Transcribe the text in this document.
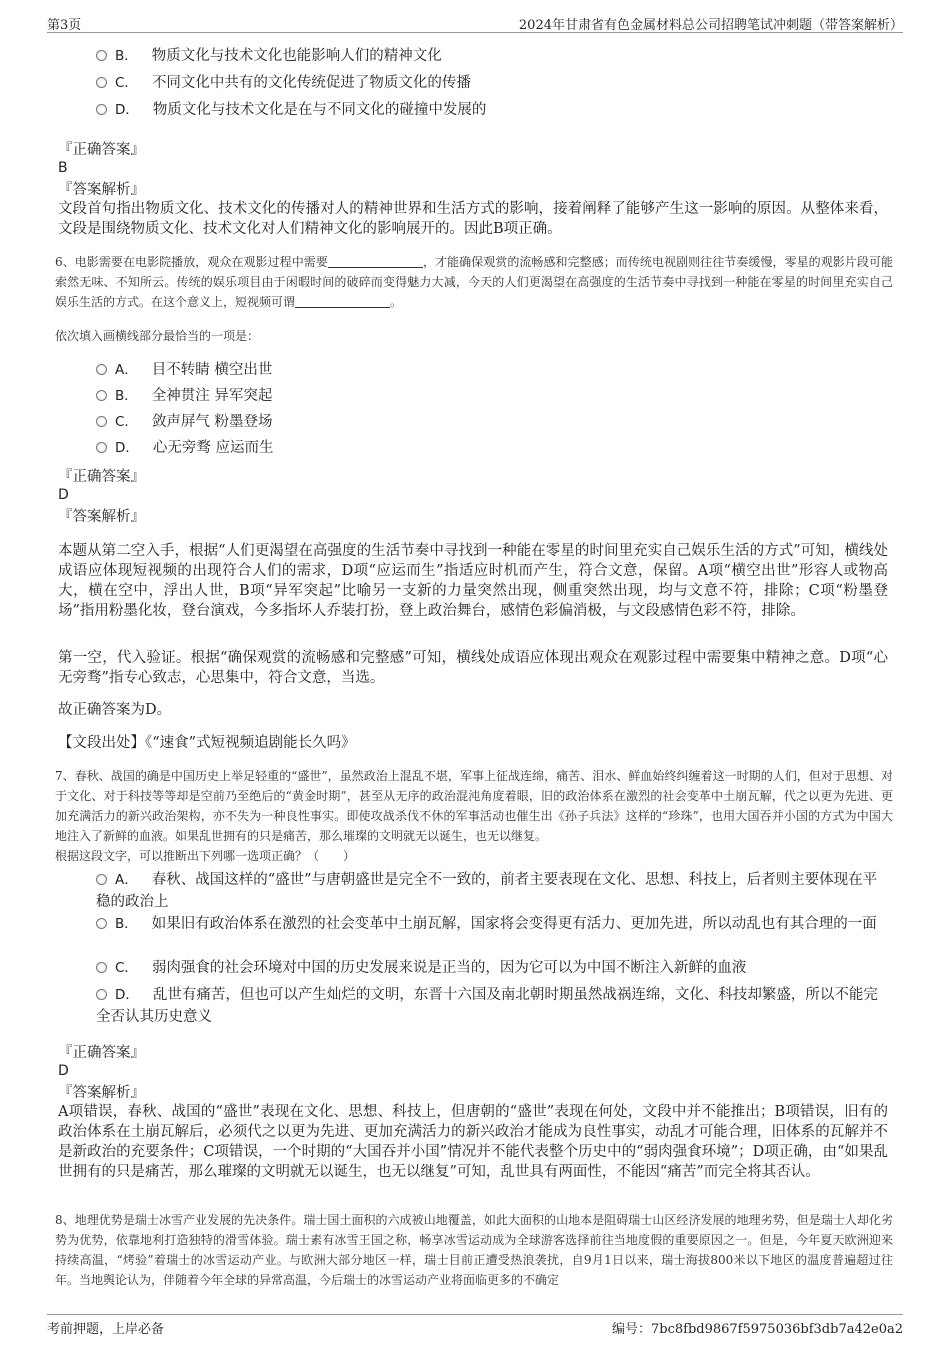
第3页	2024年甘肃省有色金属材料总公司招聘笔试冲刺题（带答案解析）
B． 物质文化与技术文化也能影响人们的精神文化
C． 不同文化中共有的文化传统促进了物质文化的传播
D． 物质文化与技术文化是在与不同文化的碰撞中发展的
『正确答案』
B
『答案解析』
文段首句指出物质文化、技术文化的传播对人的精神世界和生活方式的影响，接着阐释了能够产生这一影响的原因。从整体来看，文段是围绕物质文化、技术文化对人们精神文化的影响展开的。因此B项正确。
6、电影需要在电影院播放，观众在观影过程中需要	，才能确保观赏的流畅感和完整感；而传统电视剧则往往节奏缓慢，零星的观影片段可能索然无味、不知所云。传统的娱乐项目由于闲暇时间的破碎而变得魅力大减，今天的人们更渴望在高强度的生活节奏中寻找到一种能在零星的时间里充实自己娱乐生活的方式。在这个意义上，短视频可谓	。
依次填入画横线部分最恰当的一项是：
A． 目不转睛 横空出世
B． 全神贯注 异军突起
C． 敛声屏气 粉墨登场
D． 心无旁骛 应运而生
『正确答案』
D
『答案解析』
本题从第二空入手，根据“人们更渴望在高强度的生活节奏中寻找到一种能在零星的时间里充实自己娱乐生活的方式”可知，横线处成语应体现短视频的出现符合人们的需求，D项“应运而生”指适应时机而产生，符合文意，保留。A项“横空出世”形容人或物高大，横在空中，浮出人世，B项“异军突起”比喻另一支新的力量突然出现，侧重突然出现，均与文意不符，排除；C项“粉墨登场”指用粉墨化妆，登台演戏，今多指坏人乔装打扮，登上政治舞台，感情色彩偏消极，与文段感情色彩不符，排除。
第一空，代入验证。根据“确保观赏的流畅感和完整感”可知，横线处成语应体现出观众在观影过程中需要集中精神之意。D项“心无旁骛”指专心致志，心思集中，符合文意，当选。
故正确答案为D。
【文段出处】《“速食”式短视频追剧能长久吗》
7、春秋、战国的确是中国历史上举足轻重的“盛世”，虽然政治上混乱不堪，军事上征战连绵，痛苦、泪水、鲜血始终纠缠着这一时期的人们，但对于思想、对于文化、对于科技等等却是空前乃至绝后的“黄金时期”，甚至从无序的政治混沌角度着眼，旧的政治体系在激烈的社会变革中土崩瓦解，代之以更为先进、更加充满活力的新兴政治架构，亦不失为一种良性事实。即使攻战杀伐不休的军事活动也催生出《孙子兵法》这样的“珍珠”，也用大国吞并小国的方式为中国大地注入了新鲜的血液。如果乱世拥有的只是痛苦，那么璀璨的文明就无以诞生，也无以继复。
根据这段文字，可以推断出下列哪一选项正确？（　　）
A． 春秋、战国这样的“盛世”与唐朝盛世是完全不一致的，前者主要表现在文化、思想、科技上，后者则主要体现在平稳的政治上
B． 如果旧有政治体系在激烈的社会变革中土崩瓦解，国家将会变得更有活力、更加先进，所以动乱也有其合理的一面
C． 弱肉强食的社会环境对中国的历史发展来说是正当的，因为它可以为中国不断注入新鲜的血液
D． 乱世有痛苦，但也可以产生灿烂的文明，东晋十六国及南北朝时期虽然战祸连绵，文化、科技却繁盛，所以不能完全否认其历史意义
『正确答案』
D
『答案解析』
A项错误，春秋、战国的“盛世”表现在文化、思想、科技上，但唐朝的“盛世”表现在何处，文段中并不能推出；B项错误，旧有的政治体系在土崩瓦解后，必须代之以更为先进、更加充满活力的新兴政治才能成为良性事实，动乱才可能合理，旧体系的瓦解并不是新政治的充要条件；C项错误，一个时期的“大国吞并小国”情况并不能代表整个历史中的“弱肉强食环境”；D项正确，由“如果乱世拥有的只是痛苦，那么璀璨的文明就无以诞生，也无以继复”可知，乱世具有两面性，不能因“痛苦”而完全将其否认。
8、地理优势是瑞士冰雪产业发展的先决条件。瑞士国土面积的六成被山地覆盖，如此大面积的山地本是阻碍瑞士山区经济发展的地理劣势，但是瑞士人却化劣势为优势，依靠地利打造独特的滑雪体验。瑞士素有冰雪王国之称，畅享冰雪运动成为全球游客选择前往当地度假的重要原因之一。但是，今年夏天欧洲迎来持续高温，“烤验”着瑞士的冰雪运动产业。与欧洲大部分地区一样，瑞士目前正遭受热浪袭扰，自9月1日以来，瑞士海拔800米以下地区的温度普遍超过往年。当地舆论认为，伴随着今年全球的异常高温，今后瑞士的冰雪运动产业将面临更多的不确定
考前押题，上岸必备	编号：7bc8fbd9867f5975036bf3db7a42e0a2
